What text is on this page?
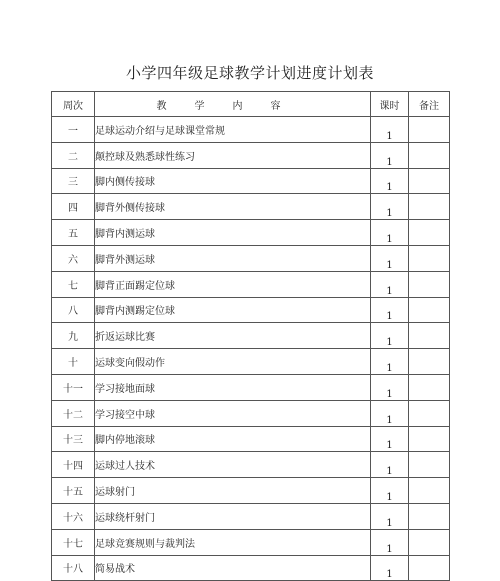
小学四年级足球教学计划进度计划表
周次	教学内容	课时	备注
一	足球运动介绍与足球课堂常规	1	
二	颠控球及熟悉球性练习	1	
三	脚内侧传接球	1	
四	脚背外侧传接球	1	
五	脚背内测运球	1	
六	脚背外测运球	1	
七	脚背正面踢定位球	1	
八	脚背内测踢定位球	1	
九	折返运球比赛	1	
十	运球变向假动作	1	
十一	学习接地面球	1	
十二	学习接空中球	1	
十三	脚内停地滚球	1	
十四	运球过人技术	1	
十五	运球射门	1	
十六	运球绕杆射门	1	
十七	足球竞赛规则与裁判法	1	
十八	简易战术	1	
